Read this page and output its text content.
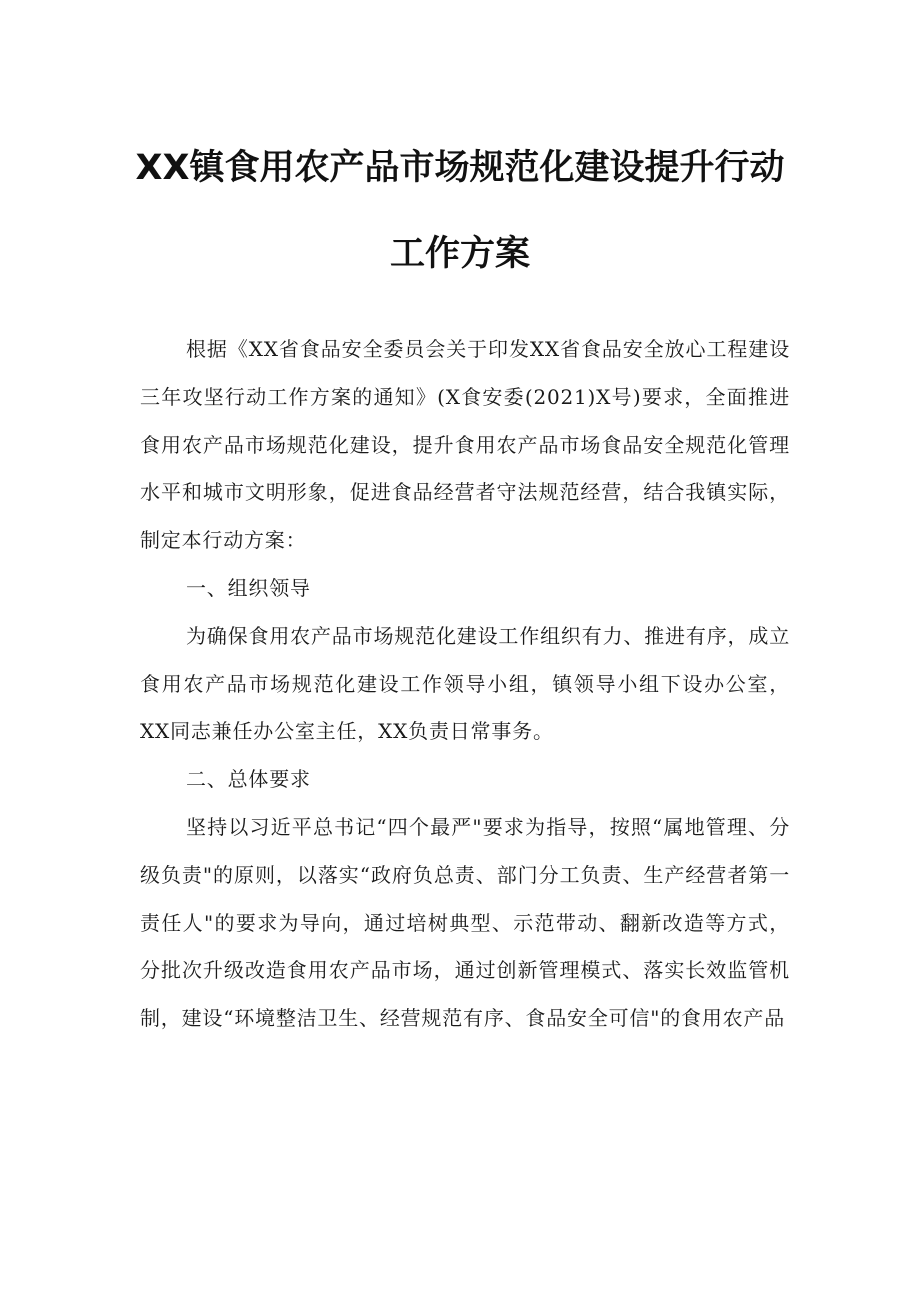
XX镇食用农产品市场规范化建设提升行动
工作方案

根据《XX省食品安全委员会关于印发XX省食品安全放心工程建设三年攻坚行动工作方案的通知》(X食安委(2021)X号)要求，全面推进食用农产品市场规范化建设，提升食用农产品市场食品安全规范化管理水平和城市文明形象，促进食品经营者守法规范经营，结合我镇实际，制定本行动方案：

一、组织领导

为确保食用农产品市场规范化建设工作组织有力、推进有序，成立食用农产品市场规范化建设工作领导小组，镇领导小组下设办公室，XX同志兼任办公室主任，XX负责日常事务。

二、总体要求

坚持以习近平总书记“四个最严"要求为指导，按照“属地管理、分级负责"的原则，以落实“政府负总责、部门分工负责、生产经营者第一责任人"的要求为导向，通过培树典型、示范带动、翻新改造等方式，分批次升级改造食用农产品市场，通过创新管理模式、落实长效监管机制，建设“环境整洁卫生、经营规范有序、食品安全可信"的食用农产品
